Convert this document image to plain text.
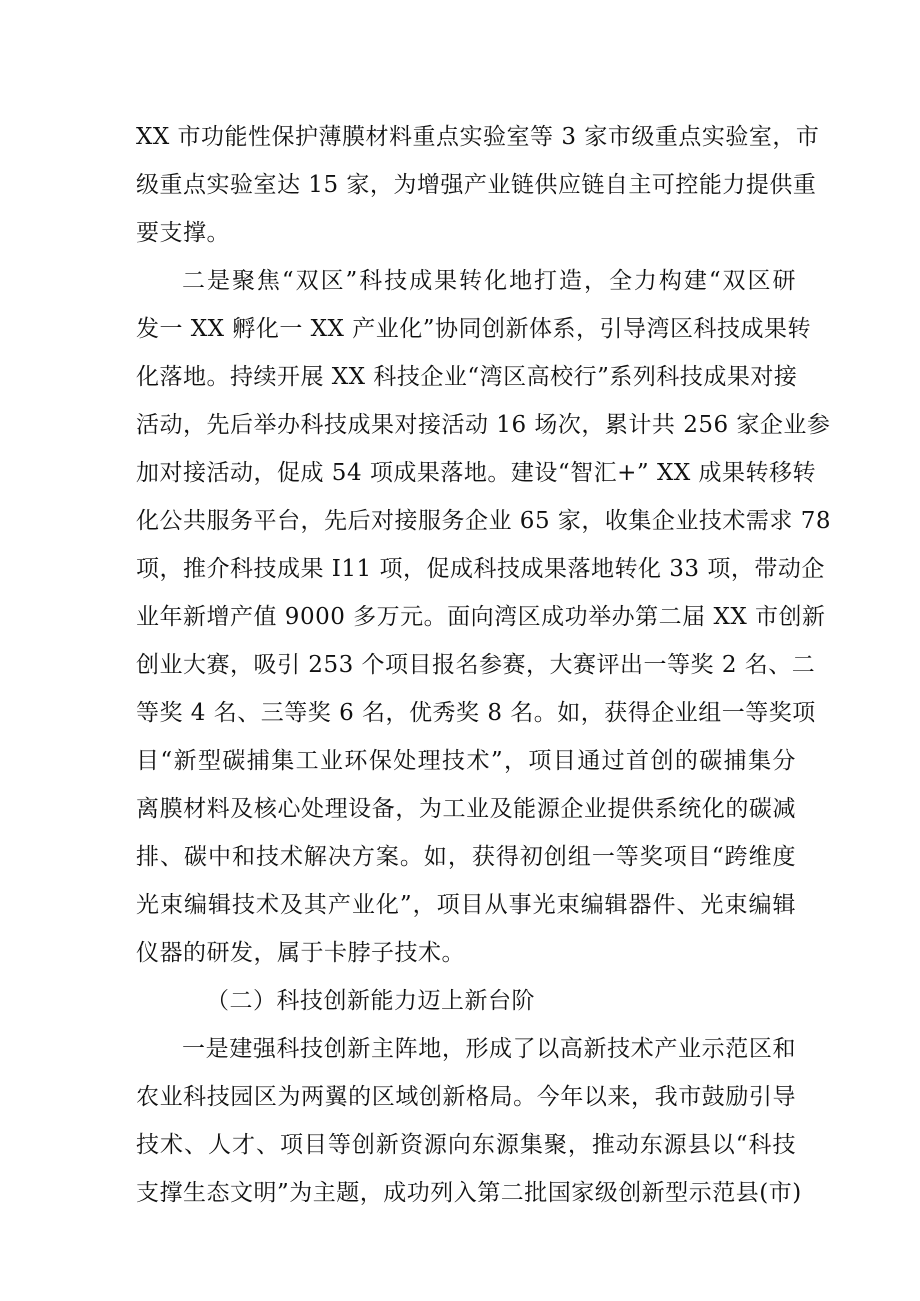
XX 市功能性保护薄膜材料重点实验室等 3 家市级重点实验室，市
级重点实验室达 15 家，为增强产业链供应链自主可控能力提供重
要支撑。
二是聚焦“双区”科技成果转化地打造，全力构建“双区研
发一 XX 孵化一 XX 产业化”协同创新体系，引导湾区科技成果转
化落地。持续开展 XX 科技企业“湾区高校行”系列科技成果对接
活动，先后举办科技成果对接活动 16 场次，累计共 256 家企业参
加对接活动，促成 54 项成果落地。建设“智汇+” XX 成果转移转
化公共服务平台，先后对接服务企业 65 家，收集企业技术需求 78
项，推介科技成果 I11 项，促成科技成果落地转化 33 项，带动企
业年新增产值 9000 多万元。面向湾区成功举办第二届 XX 市创新
创业大赛，吸引 253 个项目报名参赛，大赛评出一等奖 2 名、二
等奖 4 名、三等奖 6 名，优秀奖 8 名。如，获得企业组一等奖项
目“新型碳捕集工业环保处理技术”，项目通过首创的碳捕集分
离膜材料及核心处理设备，为工业及能源企业提供系统化的碳减
排、碳中和技术解决方案。如，获得初创组一等奖项目“跨维度
光束编辑技术及其产业化”，项目从事光束编辑器件、光束编辑
仪器的研发，属于卡脖子技术。
（二）科技创新能力迈上新台阶
一是建强科技创新主阵地，形成了以高新技术产业示范区和
农业科技园区为两翼的区域创新格局。今年以来，我市鼓励引导
技术、人才、项目等创新资源向东源集聚，推动东源县以“科技
支撑生态文明”为主题，成功列入第二批国家级创新型示范县(市)
